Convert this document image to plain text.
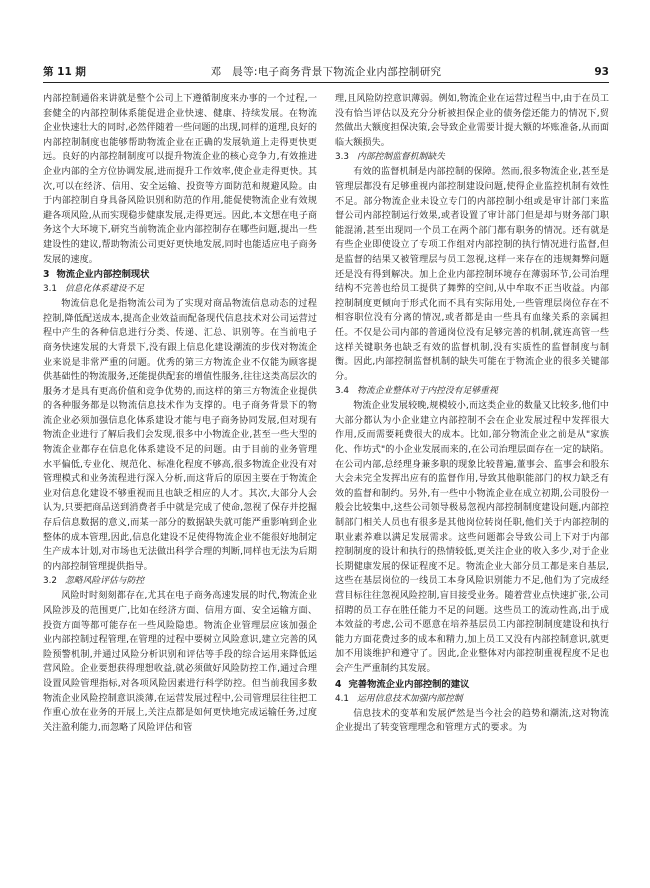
第 11 期	邓　晨等:电子商务背景下物流企业内部控制研究	93

内部控制通俗来讲就是整个公司上下遵循制度来办事的一个过程,一套健全的内部控制体系能促进企业快速、健康、持续发展。在物流企业快速壮大的同时,必然伴随着一些问题的出现,同样的道理,良好的内部控制制度也能够帮助物流企业在正确的发展轨道上走得更快更远。良好的内部控制制度可以提升物流企业的核心竞争力,有效推进企业内部的全方位协调发展,进而提升工作效率,使企业走得更快。其次,可以在经济、信用、安全运输、投资等方面防范和规避风险。由于内部控制自身具备风险识别和防范的作用,能促使物流企业有效规避各项风险,从而实现稳步健康发展,走得更远。因此,本文想在电子商务这个大环境下,研究当前物流企业内部控制存在哪些问题,提出一些建设性的建议,帮助物流公司更好更快地发展,同时也能适应电子商务发展的速度。

3 物流企业内部控制现状
3.1 信息化体系建设不足

物流信息化是指物流公司为了实现对商品物流信息动态的过程控制,降低配送成本,提高企业效益而配备现代信息技术对公司运营过程中产生的各种信息进行分类、传递、汇总、识别等。在当前电子商务快速发展的大背景下,没有跟上信息化建设潮流的步伐对物流企业来说是非常严重的问题。优秀的第三方物流企业不仅能为顾客提供基础性的物流服务,还能提供配套的增值性服务,往往这类高层次的服务才是具有更高价值和竞争优势的,而这样的第三方物流企业提供的各种服务都是以物流信息技术作为支撑的。电子商务背景下的物流企业必须加强信息化体系建设才能与电子商务协同发展,但对现有物流企业进行了解后我们会发现,很多中小物流企业,甚至一些大型的物流企业都存在信息化体系建设不足的问题。由于目前的业务管理水平偏低,专业化、规范化、标准化程度不够高,很多物流企业没有对管理模式和业务流程进行深入分析,而这背后的原因主要在于物流企业对信息化建设不够重视而且也缺乏相应的人才。其次,大部分人会认为,只要把商品送到消费者手中就是完成了使命,忽视了保存并挖掘存后信息数据的意义,而某一部分的数据缺失就可能严重影响到企业整体的成本管理,因此,信息化建设不足使得物流企业不能很好地制定生产成本计划,对市场也无法做出科学合理的判断,同样也无法为后期的内部控制管理提供指导。

3.2 忽略风险评估与防控

风险时时刻刻都存在,尤其在电子商务高速发展的时代,物流企业风险涉及的范围更广,比如在经济方面、信用方面、安全运输方面、投资方面等都可能存在一些风险隐患。物流企业管理层应该加强企业内部控制过程管理,在管理的过程中要树立风险意识,建立完善的风险预警机制,并通过风险分析识别和评估等手段的综合运用来降低运营风险。企业要想获得理想收益,就必须做好风险防控工作,通过合理设置风险管理指标,对各项风险因素进行科学防控。但当前我国多数物流企业风险控制意识淡薄,在运营发展过程中,公司管理层往往把工作重心放在业务的开展上,关注点都是如何更快地完成运输任务,过度关注盈利能力,而忽略了风险评估和管

理,且风险防控意识薄弱。例如,物流企业在运营过程当中,由于在员工没有恰当评估以及充分分析被担保企业的债务偿还能力的情况下,贸然做出大额度担保决策,会导致企业需要计提大额的坏账准备,从而面临大额损失。

3.3 内部控制监督机制缺失

有效的监督机制是内部控制的保障。然而,很多物流企业,甚至是管理层都没有足够重视内部控制建设问题,使得企业监控机制有效性不足。部分物流企业未设立专门的内部控制小组或是审计部门来监督公司内部控制运行效果,或者设置了审计部门但是却与财务部门职能混淆,甚至出现同一个员工在两个部门都有职务的情况。还有就是有些企业即使设立了专项工作组对内部控制的执行情况进行监督,但是监督的结果又被管理层与员工忽视,这样一来存在的违规舞弊问题还是没有得到解决。加上企业内部控制环境存在薄弱环节,公司治理结构不完善也给员工提供了舞弊的空间,从中牟取不正当收益。内部控制制度更倾向于形式化而不具有实际用处,一些管理层岗位存在不相容职位没有分离的情况,或者都是由一些具有血缘关系的亲属担任。不仅是公司内部的普通岗位没有足够完善的机制,就连高管一些这样关键职务也缺乏有效的监督机制,没有实质性的监督制度与制衡。因此,内部控制监督机制的缺失可能在于物流企业的很多关键部分。

3.4 物流企业整体对于内控没有足够重视

物流企业发展较晚,规模较小,而这类企业的数量又比较多,他们中大部分都认为小企业建立内部控制不会在企业发展过程中发挥很大作用,反而需要耗费很大的成本。比如,部分物流企业之前是从"家族化、作坊式"的小企业发展而来的,在公司治理层面存在一定的缺陷。在公司内部,总经理身兼多职的现象比较普遍,董事会、监事会和股东大会未完全发挥出应有的监督作用,导致其他职能部门的权力缺乏有效的监督和制约。另外,有一些中小物流企业在成立初期,公司股份一般会比较集中,这些公司领导极易忽视内部控制制度建设问题,内部控制部门相关人员也有很多是其他岗位转岗任职,他们关于内部控制的职业素养难以满足发展需求。这些问题都会导致公司上下对于内部控制制度的设计和执行的热情较低,更关注企业的收入多少,对于企业长期健康发展的保证程度不足。物流企业大部分员工都是来自基层,这些在基层岗位的一线员工本身风险识别能力不足,他们为了完成经营目标往往忽视风险控制,盲目接受业务。随着营业点快速扩张,公司招聘的员工存在胜任能力不足的问题。这些员工的流动性高,出于成本效益的考虑,公司不愿意在培养基层员工内部控制制度建设和执行能力方面花费过多的成本和精力,加上员工又没有内部控制意识,就更加不用谈维护和遵守了。因此,企业整体对内部控制重视程度不足也会产生严重制约其发展。

4 完善物流企业内部控制的建议
4.1 运用信息技术加强内部控制

信息技术的变革和发展俨然是当今社会的趋势和潮流,这对物流企业提出了转变管理理念和管理方式的要求。为
